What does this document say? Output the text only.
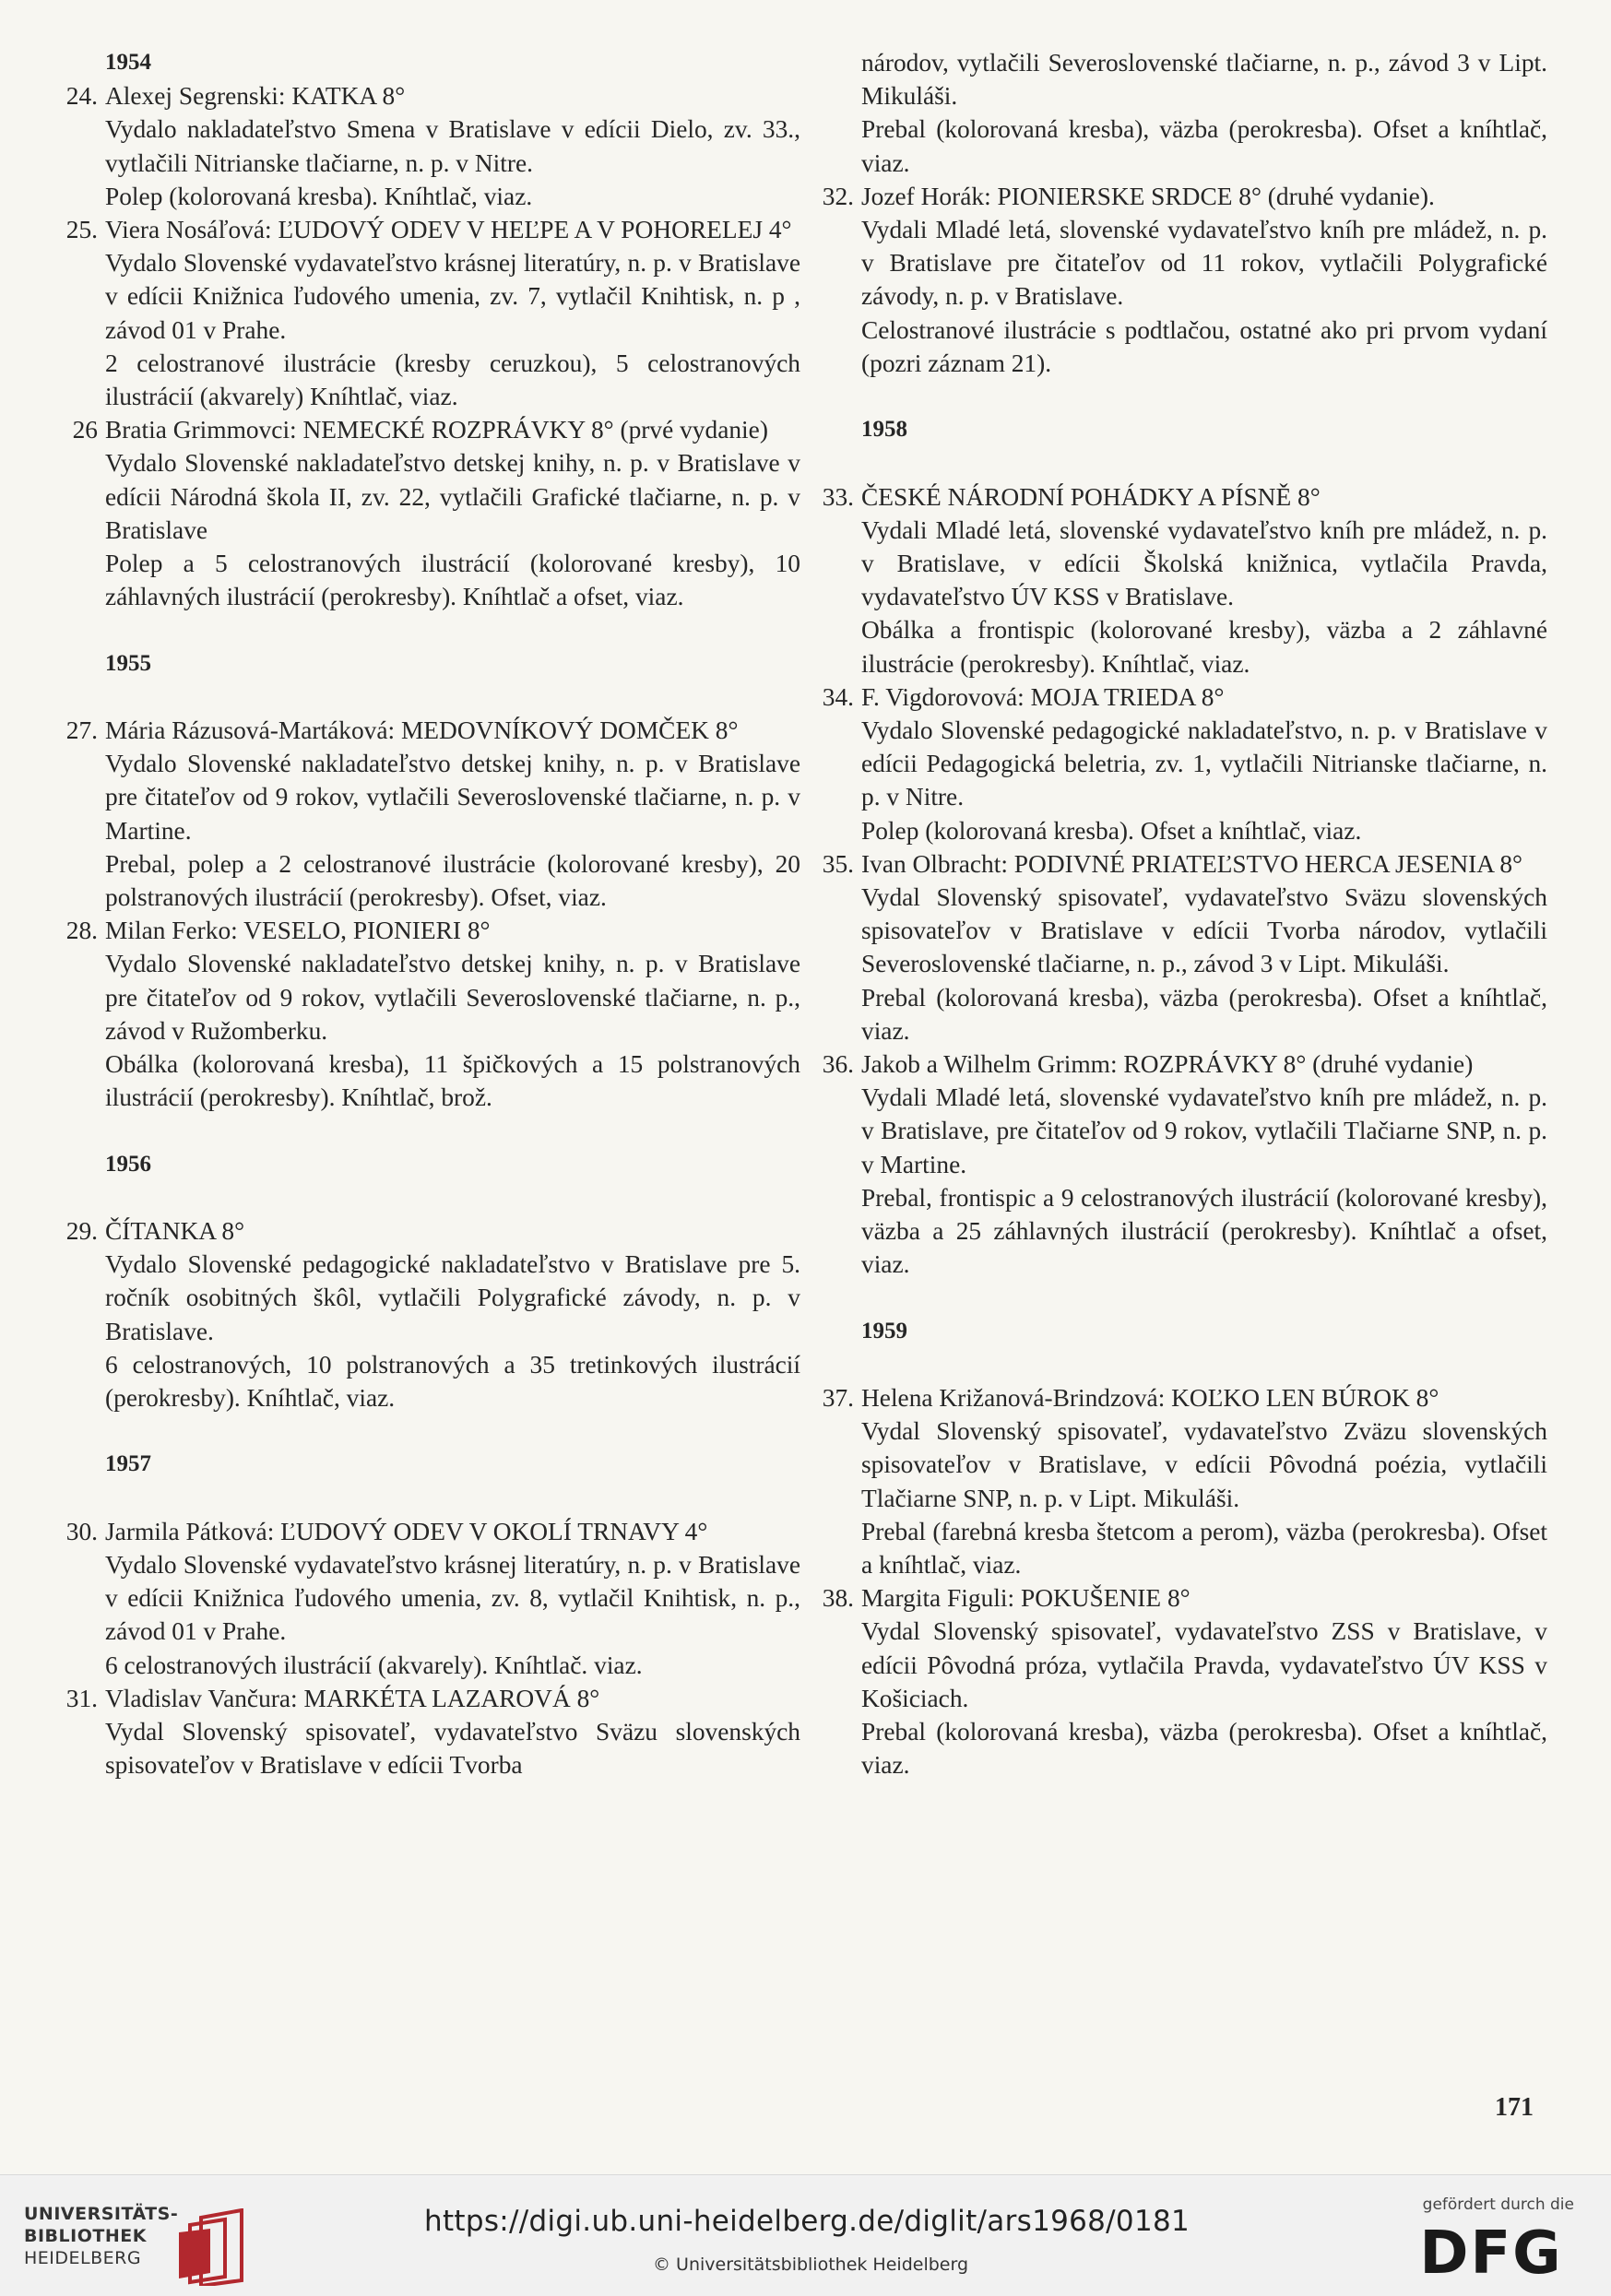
1954
24. Alexej Segrenski: KATKA 8°
Vydalo nakladateľstvo Smena v Bratislave v edícii Dielo, zv. 33., vytlačili Nitrianske tlačiarne, n. p. v Nitre.
Polep (kolorovaná kresba). Kníhtlač, viaz.
25. Viera Nosáľová: ĽUDOVÝ ODEV V HEĽPE A V POHORELEJ 4°
Vydalo Slovenské vydavateľstvo krásnej literatúry, n. p. v Bratislave v edícii Knižnica ľudového umenia, zv. 7, vytlačil Knihtisk, n. p , závod 01 v Prahe.
2 celostranové ilustrácie (kresby ceruzkou), 5 celostranových ilustrácií (akvarely) Kníhtlač, viaz.
26 Bratia Grimmovci: NEMECKÉ ROZPRÁVKY 8° (prvé vydanie)
Vydalo Slovenské nakladateľstvo detskej knihy, n. p. v Bratislave v edícii Národná škola II, zv. 22, vytlačili Grafické tlačiarne, n. p. v Bratislave
Polep a 5 celostranových ilustrácií (kolorované kresby), 10 záhlavných ilustrácií (perokresby). Kníhtlač a ofset, viaz.
1955
27. Mária Rázusová-Martáková: MEDOVNÍKOVÝ DOMČEK 8°
Vydalo Slovenské nakladateľstvo detskej knihy, n. p. v Bratislave pre čitateľov od 9 rokov, vytlačili Severoslovenské tlačiarne, n. p. v Martine.
Prebal, polep a 2 celostranové ilustrácie (kolorované kresby), 20 polstranových ilustrácií (perokresby). Ofset, viaz.
28. Milan Ferko: VESELO, PIONIERI 8°
Vydalo Slovenské nakladateľstvo detskej knihy, n. p. v Bratislave pre čitateľov od 9 rokov, vytlačili Severoslovenské tlačiarne, n. p., závod v Ružomberku.
Obálka (kolorovaná kresba), 11 špičkových a 15 polstranových ilustrácií (perokresby). Kníhtlač, brož.
1956
29. ČÍTANKA 8°
Vydalo Slovenské pedagogické nakladateľstvo v Bratislave pre 5. ročník osobitných škôl, vytlačili Polygrafické závody, n. p. v Bratislave.
6 celostranových, 10 polstranových a 35 tretinkových ilustrácií (perokresby). Kníhtlač, viaz.
1957
30. Jarmila Pátková: ĽUDOVÝ ODEV V OKOLÍ TRNAVY 4°
Vydalo Slovenské vydavateľstvo krásnej literatúry, n. p. v Bratislave v edícii Knižnica ľudového umenia, zv. 8, vytlačil Knihtisk, n. p., závod 01 v Prahe.
6 celostranových ilustrácií (akvarely). Kníhtlač. viaz.
31. Vladislav Vančura: MARKÉTA LAZAROVÁ 8°
Vydal Slovenský spisovateľ, vydavateľstvo Sväzu slovenských spisovateľov v Bratislave v edícii Tvorba
národov, vytlačili Severoslovenské tlačiarne, n. p., závod 3 v Lipt. Mikuláši.
Prebal (kolorovaná kresba), väzba (perokresba). Ofset a kníhtlač, viaz.
32. Jozef Horák: PIONIERSKE SRDCE 8° (druhé vydanie).
Vydali Mladé letá, slovenské vydavateľstvo kníh pre mládež, n. p. v Bratislave pre čitateľov od 11 rokov, vytlačili Polygrafické závody, n. p. v Bratislave.
Celostranové ilustrácie s podtlačou, ostatné ako pri prvom vydaní (pozri záznam 21).
1958
33. ČESKÉ NÁRODNÍ POHÁDKY A PÍSNĚ 8°
Vydali Mladé letá, slovenské vydavateľstvo kníh pre mládež, n. p. v Bratislave, v edícii Školská knižnica, vytlačila Pravda, vydavateľstvo ÚV KSS v Bratislave.
Obálka a frontispic (kolorované kresby), väzba a 2 záhlavné ilustrácie (perokresby). Kníhtlač, viaz.
34. F. Vigdorovová: MOJA TRIEDA 8°
Vydalo Slovenské pedagogické nakladateľstvo, n. p. v Bratislave v edícii Pedagogická beletria, zv. 1, vytlačili Nitrianske tlačiarne, n. p. v Nitre.
Polep (kolorovaná kresba). Ofset a kníhtlač, viaz.
35. Ivan Olbracht: PODIVNÉ PRIATEĽSTVO HERCA JESENIA 8°
Vydal Slovenský spisovateľ, vydavateľstvo Sväzu slovenských spisovateľov v Bratislave v edícii Tvorba národov, vytlačili Severoslovenské tlačiarne, n. p., závod 3 v Lipt. Mikuláši.
Prebal (kolorovaná kresba), väzba (perokresba). Ofset a kníhtlač, viaz.
36. Jakob a Wilhelm Grimm: ROZPRÁVKY 8° (druhé vydanie)
Vydali Mladé letá, slovenské vydavateľstvo kníh pre mládež, n. p. v Bratislave, pre čitateľov od 9 rokov, vytlačili Tlačiarne SNP, n. p. v Martine.
Prebal, frontispic a 9 celostranových ilustrácií (kolorované kresby), väzba a 25 záhlavných ilustrácií (perokresby). Kníhtlač a ofset, viaz.
1959
37. Helena Križanová-Brindzová: KOĽKO LEN BÚROK 8°
Vydal Slovenský spisovateľ, vydavateľstvo Zväzu slovenských spisovateľov v Bratislave, v edícii Pôvodná poézia, vytlačili Tlačiarne SNP, n. p. v Lipt. Mikuláši.
Prebal (farebná kresba štetcom a perom), väzba (perokresba). Ofset a kníhtlač, viaz.
38. Margita Figuli: POKUŠENIE 8°
Vydal Slovenský spisovateľ, vydavateľstvo ZSS v Bratislave, v edícii Pôvodná próza, vytlačila Pravda, vydavateľstvo ÚV KSS v Košiciach.
Prebal (kolorovaná kresba), väzba (perokresba). Ofset a kníhtlač, viaz.
171
UNIVERSITÄTS-
BIBLIOTHEK
HEIDELBERG
https://digi.ub.uni-heidelberg.de/diglit/ars1968/0181
© Universitätsbibliothek Heidelberg
gefördert durch die
DFG
